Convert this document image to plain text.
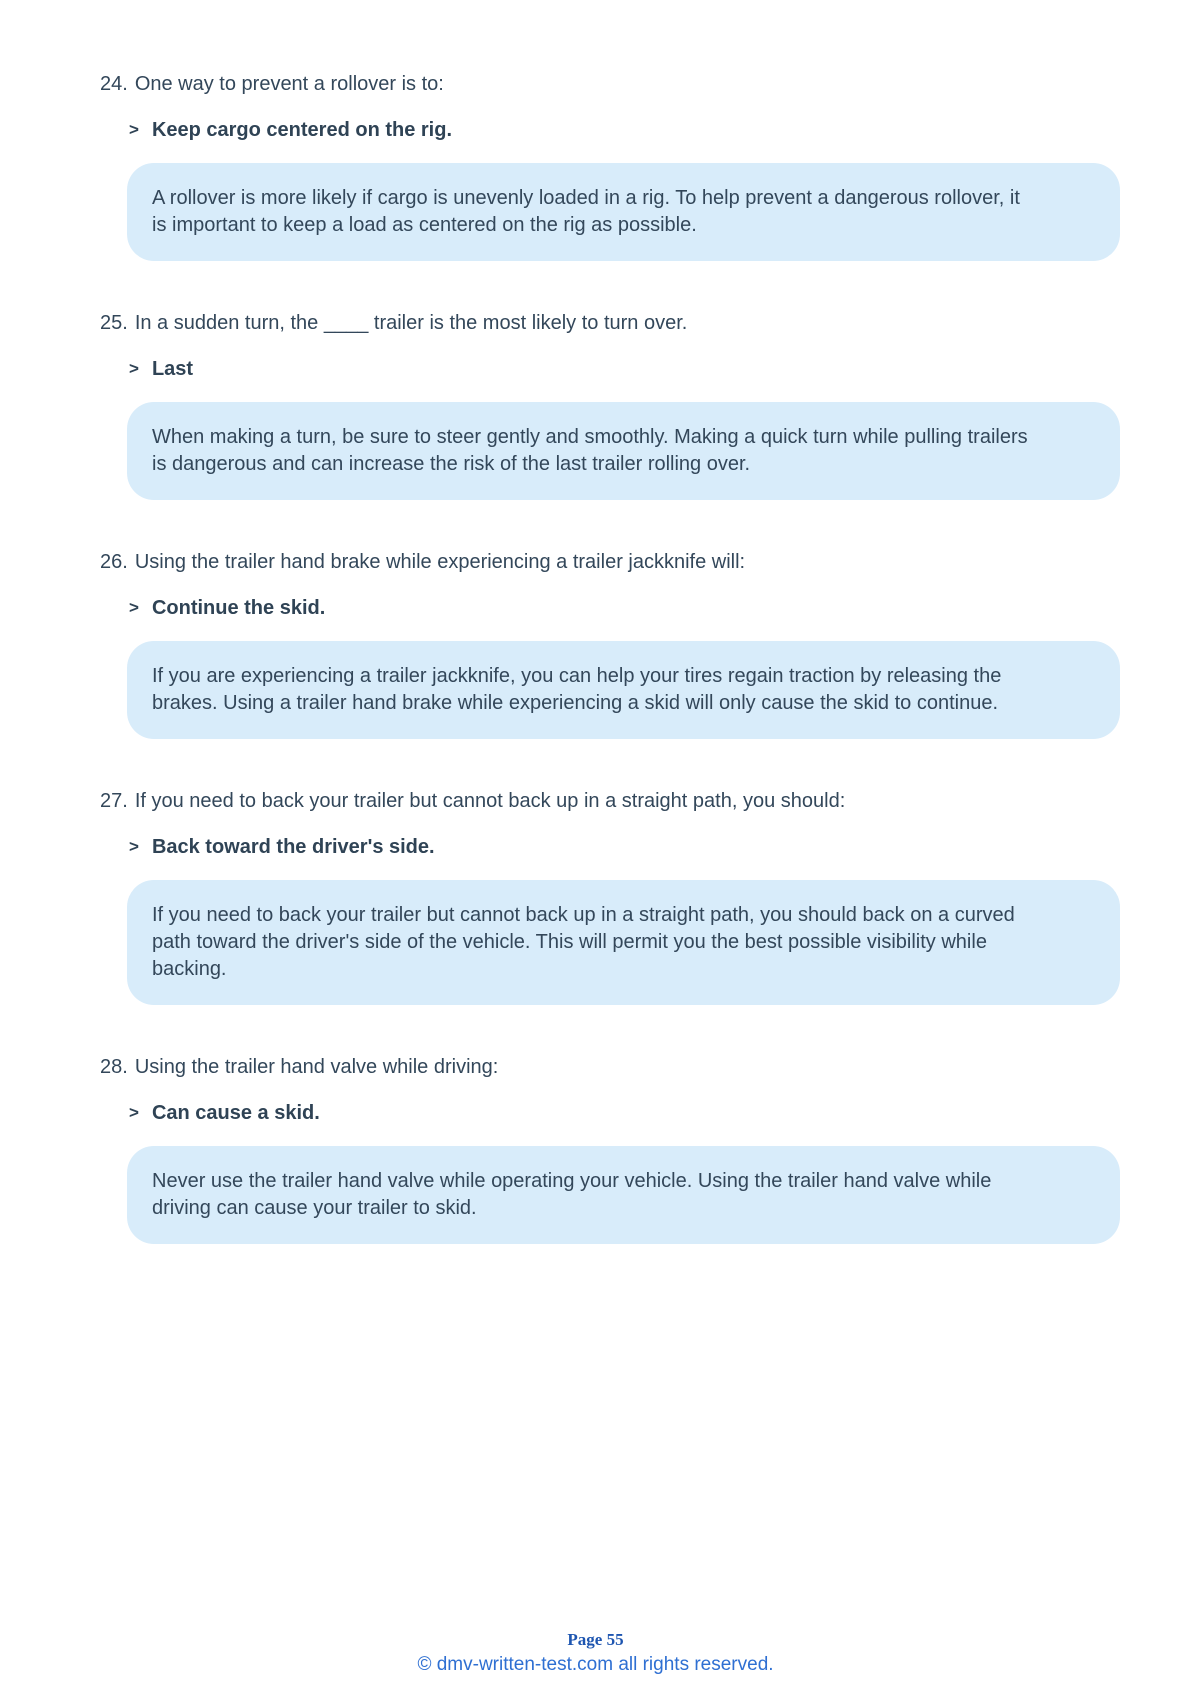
24. One way to prevent a rollover is to:

> Keep cargo centered on the rig.

A rollover is more likely if cargo is unevenly loaded in a rig. To help prevent a dangerous rollover, it is important to keep a load as centered on the rig as possible.

25. In a sudden turn, the ____ trailer is the most likely to turn over.

> Last

When making a turn, be sure to steer gently and smoothly. Making a quick turn while pulling trailers is dangerous and can increase the risk of the last trailer rolling over.

26. Using the trailer hand brake while experiencing a trailer jackknife will:

> Continue the skid.

If you are experiencing a trailer jackknife, you can help your tires regain traction by releasing the brakes. Using a trailer hand brake while experiencing a skid will only cause the skid to continue.

27. If you need to back your trailer but cannot back up in a straight path, you should:

> Back toward the driver's side.

If you need to back your trailer but cannot back up in a straight path, you should back on a curved path toward the driver's side of the vehicle. This will permit you the best possible visibility while backing.

28. Using the trailer hand valve while driving:

> Can cause a skid.

Never use the trailer hand valve while operating your vehicle. Using the trailer hand valve while driving can cause your trailer to skid.

Page 55
© dmv-written-test.com all rights reserved.
